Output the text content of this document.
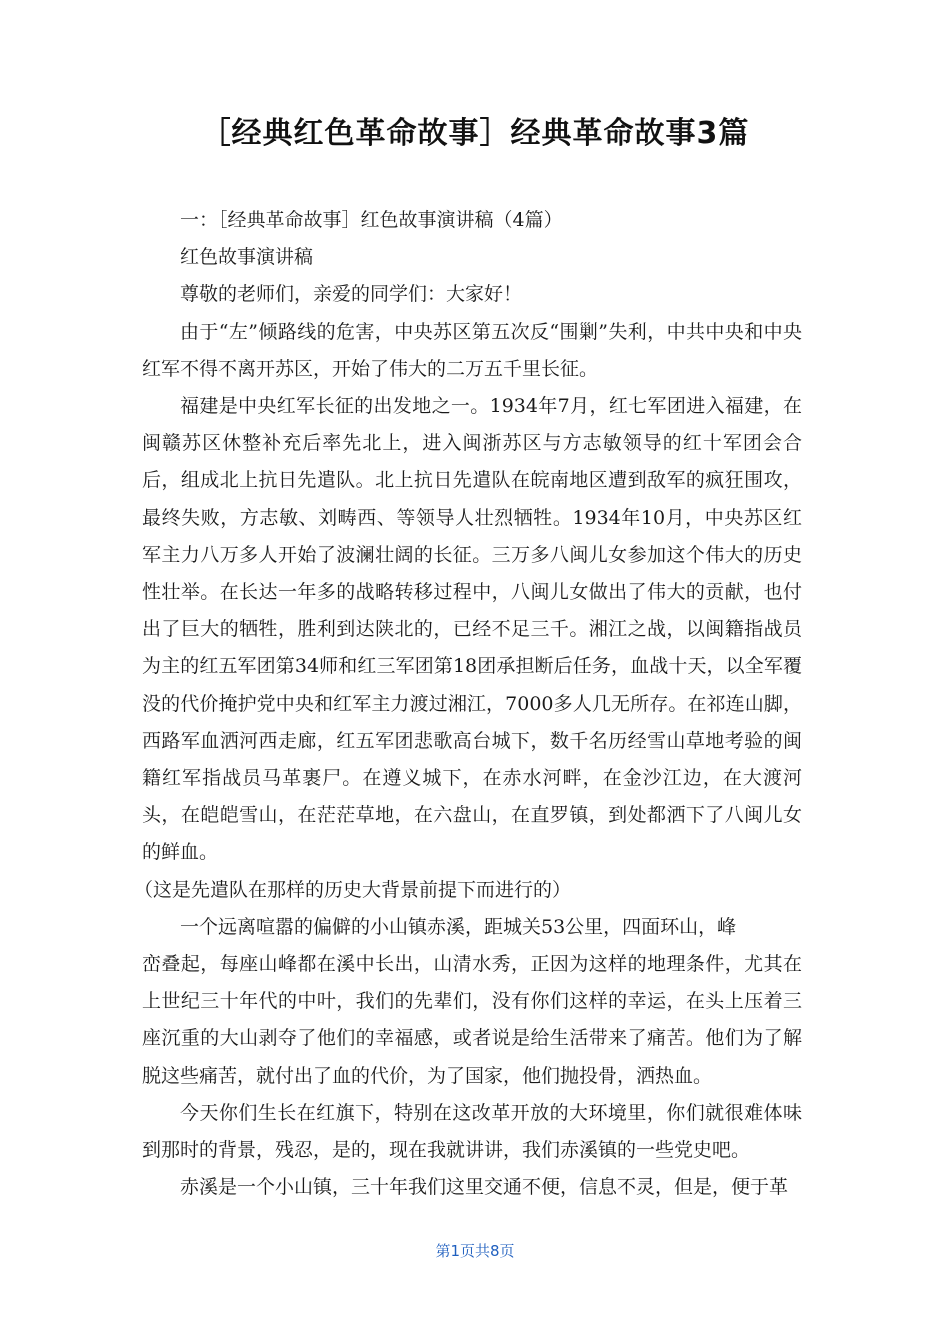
［经典红色革命故事］经典革命故事3篇

一：［经典革命故事］红色故事演讲稿（4篇）

红色故事演讲稿

尊敬的老师们，亲爱的同学们：大家好！

由于“左”倾路线的危害，中央苏区第五次反“围剿”失利，中共中央和中央红军不得不离开苏区，开始了伟大的二万五千里长征。

福建是中央红军长征的出发地之一。1934年7月，红七军团进入福建，在闽赣苏区休整补充后率先北上，进入闽浙苏区与方志敏领导的红十军团会合后，组成北上抗日先遣队。北上抗日先遣队在皖南地区遭到敌军的疯狂围攻，最终失败，方志敏、刘畴西、等领导人壮烈牺牲。1934年10月，中央苏区红军主力八万多人开始了波澜壮阔的长征。三万多八闽儿女参加这个伟大的历史性壮举。在长达一年多的战略转移过程中，八闽儿女做出了伟大的贡献，也付出了巨大的牺牲，胜利到达陕北的，已经不足三千。湘江之战，以闽籍指战员为主的红五军团第34师和红三军团第18团承担断后任务，血战十天，以全军覆没的代价掩护党中央和红军主力渡过湘江，7000多人几无所存。在祁连山脚，西路军血洒河西走廊，红五军团悲歌高台城下，数千名历经雪山草地考验的闽籍红军指战员马革裹尸。在遵义城下，在赤水河畔，在金沙江边，在大渡河头，在皑皑雪山，在茫茫草地，在六盘山，在直罗镇，到处都洒下了八闽儿女的鲜血。

（这是先遣队在那样的历史大背景前提下而进行的）

一个远离喧嚣的偏僻的小山镇赤溪，距城关53公里，四面环山，峰

峦叠起，每座山峰都在溪中长出，山清水秀，正因为这样的地理条件，尤其在上世纪三十年代的中叶，我们的先辈们，没有你们这样的幸运，在头上压着三座沉重的大山剥夺了他们的幸福感，或者说是给生活带来了痛苦。他们为了解脱这些痛苦，就付出了血的代价，为了国家，他们抛投骨，洒热血。

今天你们生长在红旗下，特别在这改革开放的大环境里，你们就很难体味到那时的背景，残忍，是的，现在我就讲讲，我们赤溪镇的一些党史吧。

赤溪是一个小山镇，三十年我们这里交通不便，信息不灵，但是，便于革

第1页共8页
